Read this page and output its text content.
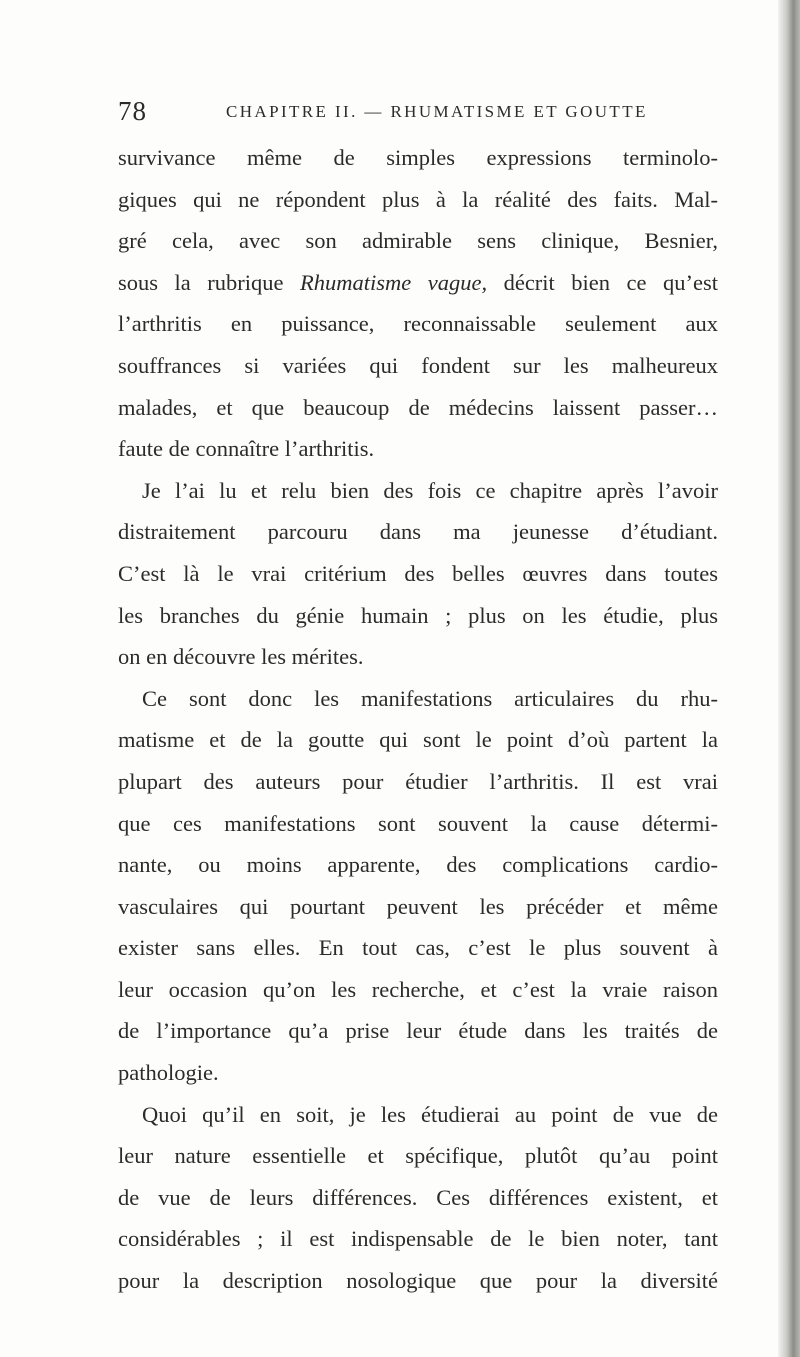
78	CHAPITRE II. — RHUMATISME ET GOUTTE
survivance même de simples expressions terminolo-
giques qui ne répondent plus à la réalité des faits. Mal-
gré cela, avec son admirable sens clinique, Besnier,
sous la rubrique Rhumatisme vague, décrit bien ce qu’est
l’arthritis en puissance, reconnaissable seulement aux
souffrances si variées qui fondent sur les malheureux
malades, et que beaucoup de médecins laissent passer…
faute de connaître l’arthritis.
Je l’ai lu et relu bien des fois ce chapitre après l’avoir
distraitement parcouru dans ma jeunesse d’étudiant.
C’est là le vrai critérium des belles œuvres dans toutes
les branches du génie humain ; plus on les étudie, plus
on en découvre les mérites.
Ce sont donc les manifestations articulaires du rhu-
matisme et de la goutte qui sont le point d’où partent la
plupart des auteurs pour étudier l’arthritis. Il est vrai
que ces manifestations sont souvent la cause détermi-
nante, ou moins apparente, des complications cardio-
vasculaires qui pourtant peuvent les précéder et même
exister sans elles. En tout cas, c’est le plus souvent à
leur occasion qu’on les recherche, et c’est la vraie raison
de l’importance qu’a prise leur étude dans les traités de
pathologie.
Quoi qu’il en soit, je les étudierai au point de vue de
leur nature essentielle et spécifique, plutôt qu’au point
de vue de leurs différences. Ces différences existent, et
considérables ; il est indispensable de le bien noter, tant
pour la description nosologique que pour la diversité
